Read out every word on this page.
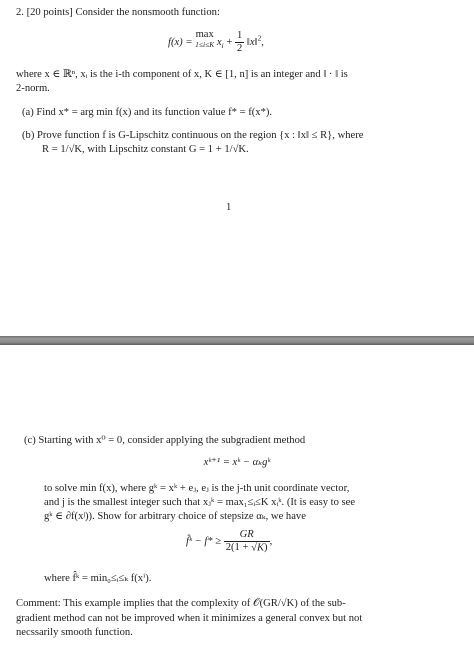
2. [20 points] Consider the nonsmooth function:

f(x) = max
1≤i≤K $x_i + \frac{1}{2}$ ‖x‖$^2$,

where x ∈ ℝⁿ, xᵢ is the i-th component of x, K ∈ [1, n] is an integer and ‖ · ‖ is

2-norm.

(a) Find x* = arg min f(x) and its function value f* = f(x*).

(b) Prove function f is G-Lipschitz continuous on the region {x : ‖x‖ ≤ R}, where

R = 1/√K, with Lipschitz constant G = 1 + 1/√K.

1

(c) Starting with x⁰ = 0, consider applying the subgradient method

xᵏ⁺¹ = xᵏ − αₖgᵏ

to solve min f(x), where gᵏ = xᵏ + eⱼ, eⱼ is the j-th unit coordinate vector,

and j is the smallest integer such that xⱼᵏ = max₁≤ᵢ≤K xᵢᵏ. (It is easy to see

gᵏ ∈ ∂f(xʲ)). Show for arbitrary choice of stepsize αₖ, we have

f̂ᵏ − $f* \ge \frac{GR}{2(1 + √K)}$ ,

where f̂ᵏ = min₀≤ᵢ≤ₖ f(xⁱ).

Comment: This example implies that the complexity of 𝒪(GR/√K) of the sub-

gradient method can not be improved when it minimizes a general convex but not

necssarily smooth function.
